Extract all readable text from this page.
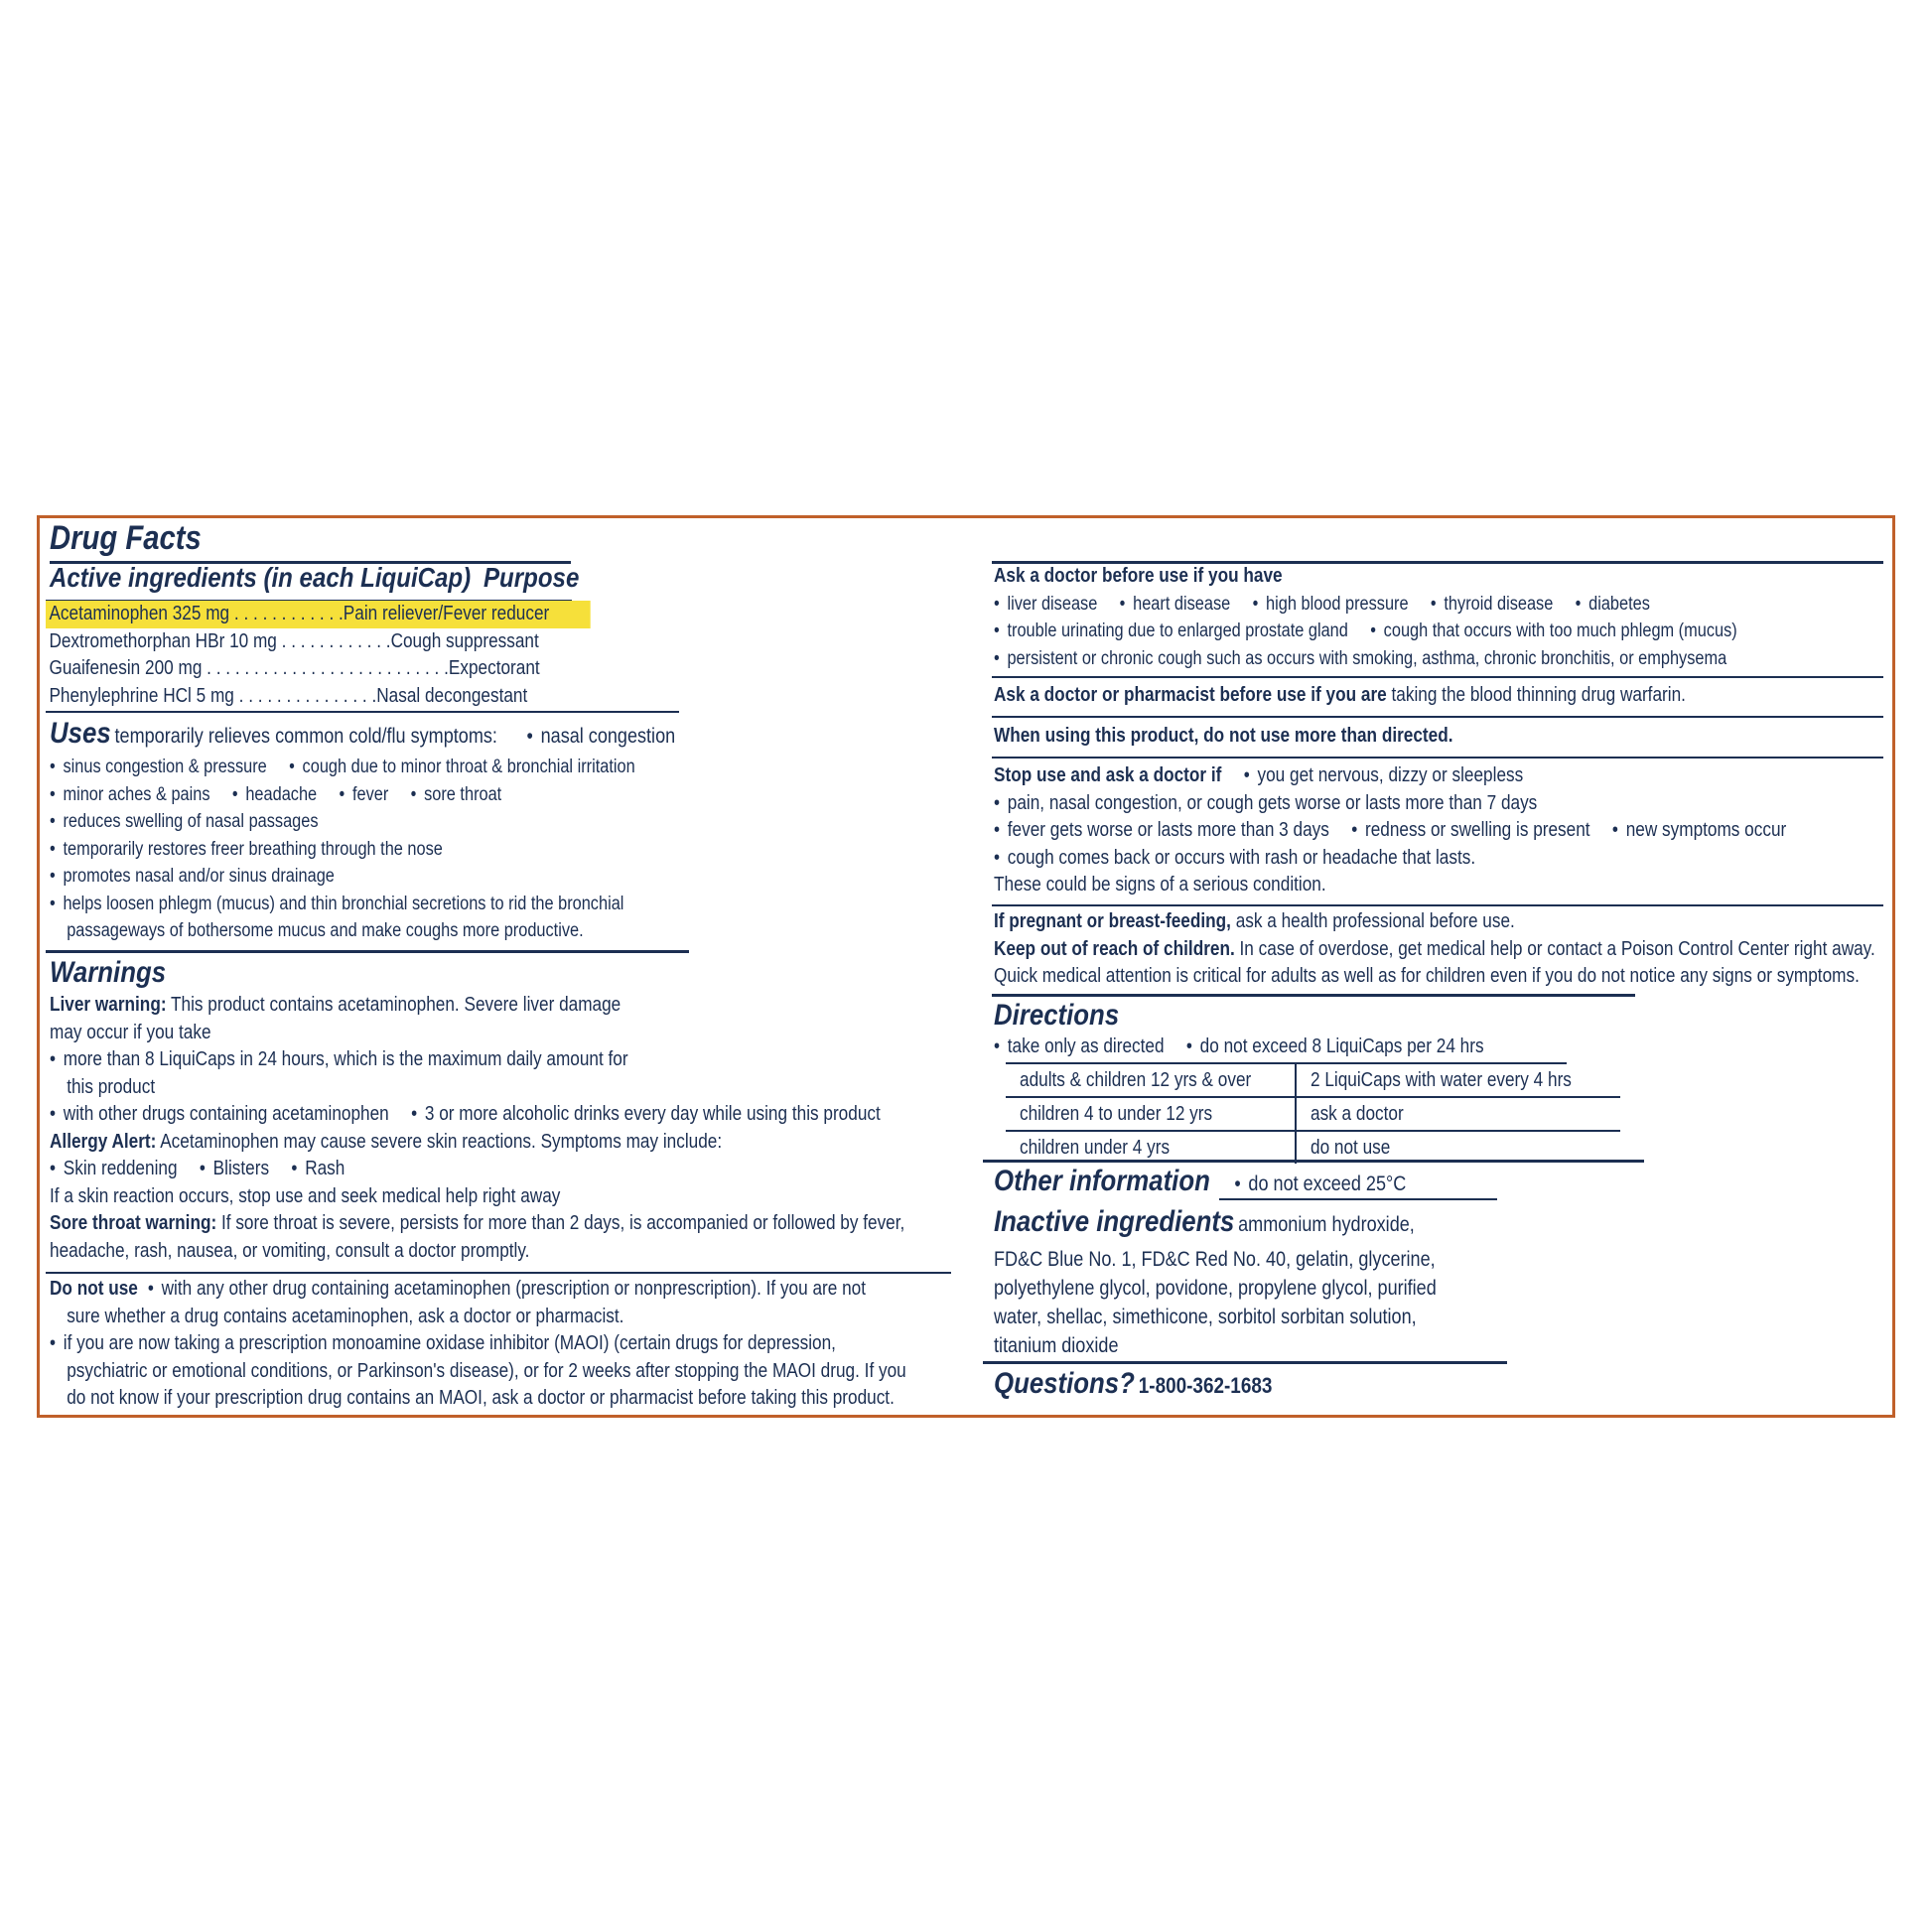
Drug Facts
Active ingredients (in each LiquiCap) Purpose
Acetaminophen 325 mg . . . . . . . . . . . .Pain reliever/Fever reducer
Dextromethorphan HBr 10 mg . . . . . . . . . . . .Cough suppressant
Guaifenesin 200 mg . . . . . . . . . . . . . . . . . . . . . . . . . .Expectorant
Phenylephrine HCl 5 mg . . . . . . . . . . . . . . .Nasal decongestant
Uses temporarily relieves common cold/flu symptoms: • nasal congestion
• sinus congestion & pressure • cough due to minor throat & bronchial irritation
• minor aches & pains • headache • fever • sore throat
• reduces swelling of nasal passages
• temporarily restores freer breathing through the nose
• promotes nasal and/or sinus drainage
• helps loosen phlegm (mucus) and thin bronchial secretions to rid the bronchial
passageways of bothersome mucus and make coughs more productive.
Warnings
Liver warning: This product contains acetaminophen. Severe liver damage
may occur if you take
• more than 8 LiquiCaps in 24 hours, which is the maximum daily amount for
this product
• with other drugs containing acetaminophen • 3 or more alcoholic drinks every day while using this product
Allergy Alert: Acetaminophen may cause severe skin reactions. Symptoms may include:
• Skin reddening • Blisters • Rash
If a skin reaction occurs, stop use and seek medical help right away
Sore throat warning: If sore throat is severe, persists for more than 2 days, is accompanied or followed by fever,
headache, rash, nausea, or vomiting, consult a doctor promptly.
Do not use • with any other drug containing acetaminophen (prescription or nonprescription). If you are not
sure whether a drug contains acetaminophen, ask a doctor or pharmacist.
• if you are now taking a prescription monoamine oxidase inhibitor (MAOI) (certain drugs for depression,
psychiatric or emotional conditions, or Parkinson's disease), or for 2 weeks after stopping the MAOI drug. If you
do not know if your prescription drug contains an MAOI, ask a doctor or pharmacist before taking this product.
Ask a doctor before use if you have
• liver disease • heart disease • high blood pressure • thyroid disease • diabetes
• trouble urinating due to enlarged prostate gland • cough that occurs with too much phlegm (mucus)
• persistent or chronic cough such as occurs with smoking, asthma, chronic bronchitis, or emphysema
Ask a doctor or pharmacist before use if you are taking the blood thinning drug warfarin.
When using this product, do not use more than directed.
Stop use and ask a doctor if • you get nervous, dizzy or sleepless
• pain, nasal congestion, or cough gets worse or lasts more than 7 days
• fever gets worse or lasts more than 3 days • redness or swelling is present • new symptoms occur
• cough comes back or occurs with rash or headache that lasts.
These could be signs of a serious condition.
If pregnant or breast-feeding, ask a health professional before use.
Keep out of reach of children. In case of overdose, get medical help or contact a Poison Control Center right away.
Quick medical attention is critical for adults as well as for children even if you do not notice any signs or symptoms.
Directions
• take only as directed • do not exceed 8 LiquiCaps per 24 hrs
adults & children 12 yrs & over	2 LiquiCaps with water every 4 hrs
children 4 to under 12 yrs	ask a doctor
children under 4 yrs	do not use
Other information • do not exceed 25°C
Inactive ingredients ammonium hydroxide,
FD&C Blue No. 1, FD&C Red No. 40, gelatin, glycerine,
polyethylene glycol, povidone, propylene glycol, purified
water, shellac, simethicone, sorbitol sorbitan solution,
titanium dioxide
Questions? 1-800-362-1683
